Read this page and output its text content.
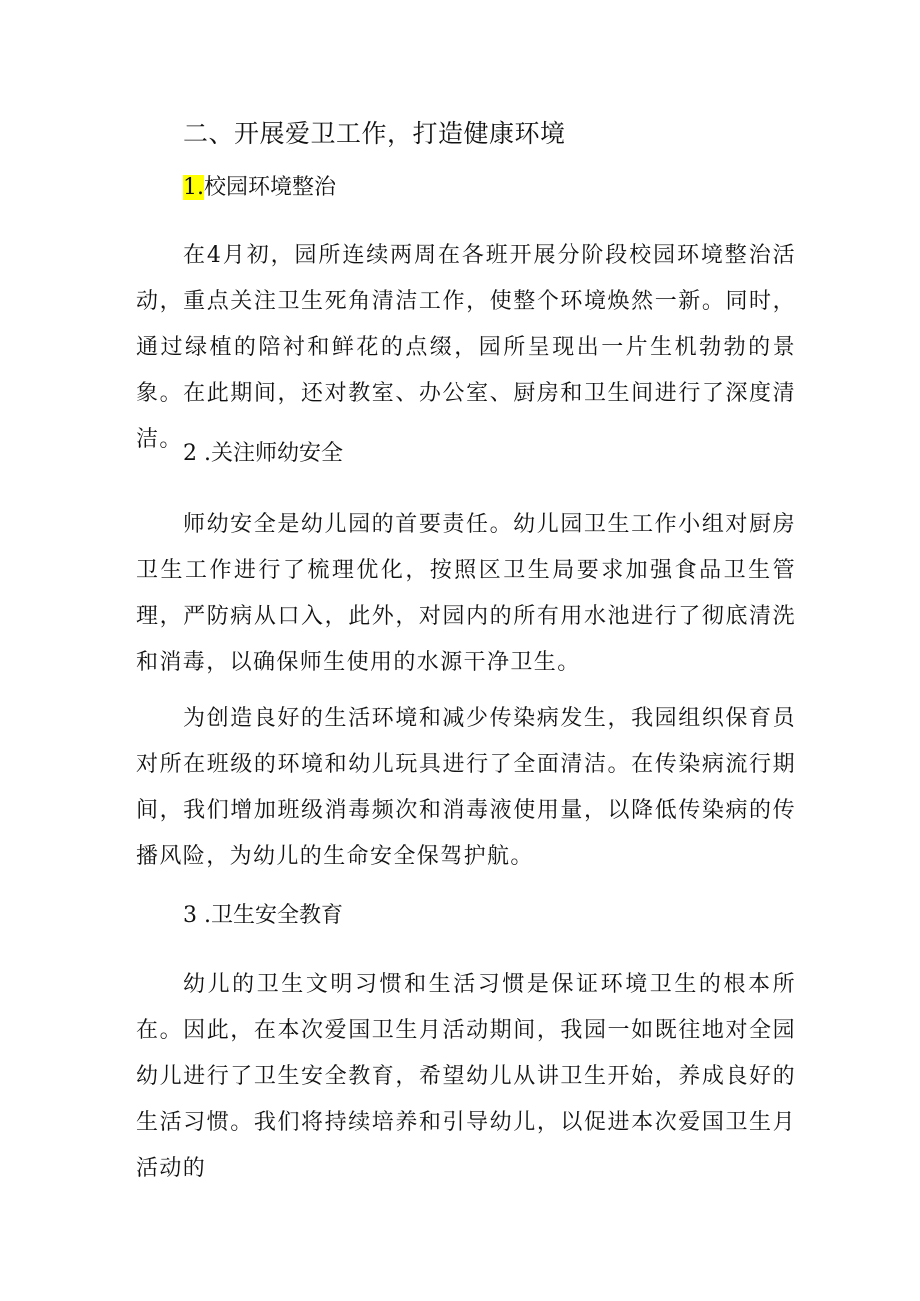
二、开展爱卫工作，打造健康环境
1.校园环境整治

在4月初，园所连续两周在各班开展分阶段校园环境整治活动，重点关注卫生死角清洁工作，使整个环境焕然一新。同时，通过绿植的陪衬和鲜花的点缀，园所呈现出一片生机勃勃的景象。在此期间，还对教室、办公室、厨房和卫生间进行了深度清洁。

2 .关注师幼安全

师幼安全是幼儿园的首要责任。幼儿园卫生工作小组对厨房卫生工作进行了梳理优化，按照区卫生局要求加强食品卫生管理，严防病从口入，此外，对园内的所有用水池进行了彻底清洗和消毒，以确保师生使用的水源干净卫生。

为创造良好的生活环境和减少传染病发生，我园组织保育员对所在班级的环境和幼儿玩具进行了全面清洁。在传染病流行期间，我们增加班级消毒频次和消毒液使用量，以降低传染病的传播风险，为幼儿的生命安全保驾护航。

3 .卫生安全教育

幼儿的卫生文明习惯和生活习惯是保证环境卫生的根本所在。因此，在本次爱国卫生月活动期间，我园一如既往地对全园幼儿进行了卫生安全教育，希望幼儿从讲卫生开始，养成良好的生活习惯。我们将持续培养和引导幼儿，以促进本次爱国卫生月活动的
